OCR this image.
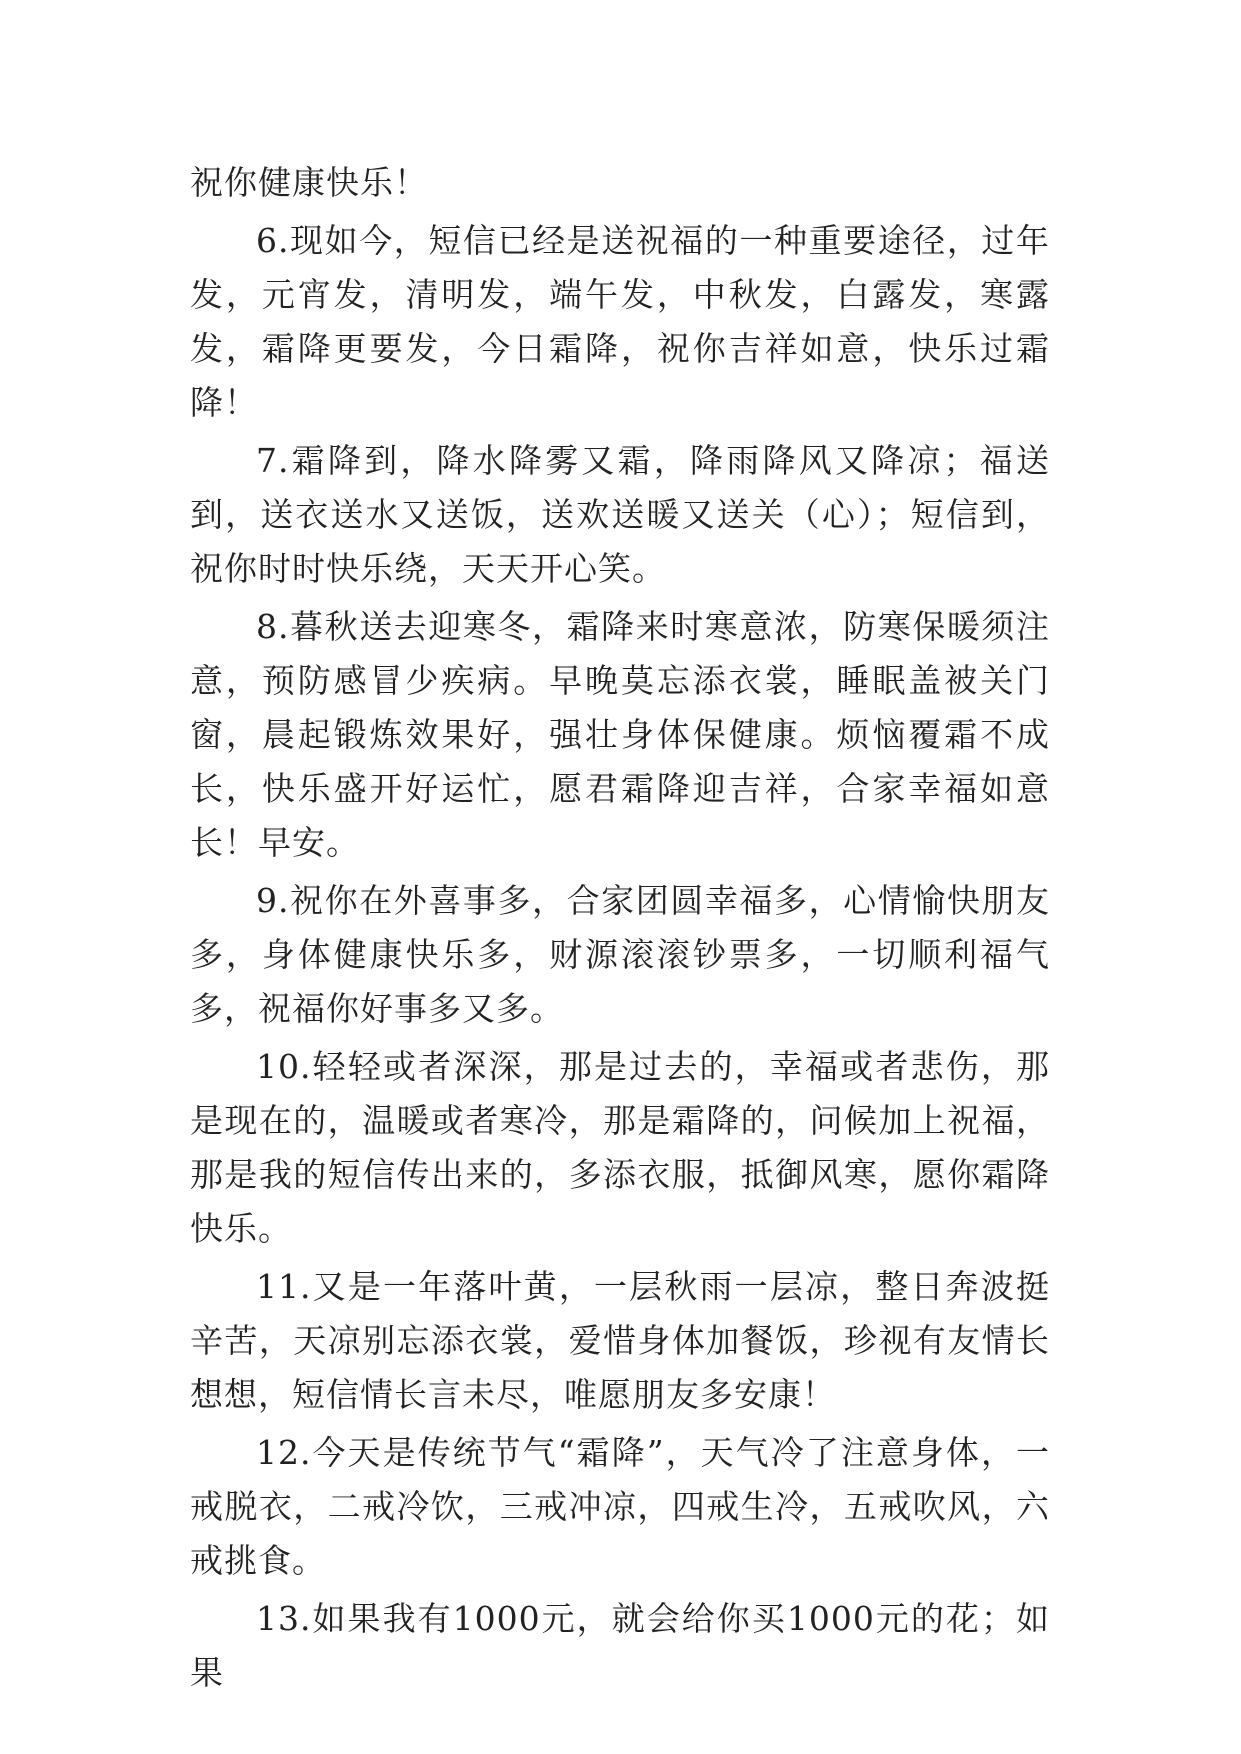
祝你健康快乐！

6.现如今，短信已经是送祝福的一种重要途径，过年发，元宵发，清明发，端午发，中秋发，白露发，寒露发，霜降更要发，今日霜降，祝你吉祥如意，快乐过霜降！

7.霜降到，降水降雾又霜，降雨降风又降凉；福送到，送衣送水又送饭，送欢送暖又送关（心）；短信到，祝你时时快乐绕，天天开心笑。

8.暮秋送去迎寒冬，霜降来时寒意浓，防寒保暖须注意，预防感冒少疾病。早晚莫忘添衣裳，睡眠盖被关门窗，晨起锻炼效果好，强壮身体保健康。烦恼覆霜不成长，快乐盛开好运忙，愿君霜降迎吉祥，合家幸福如意长！早安。

9.祝你在外喜事多，合家团圆幸福多，心情愉快朋友多，身体健康快乐多，财源滚滚钞票多，一切顺利福气多，祝福你好事多又多。

10.轻轻或者深深，那是过去的，幸福或者悲伤，那是现在的，温暖或者寒冷，那是霜降的，问候加上祝福，那是我的短信传出来的，多添衣服，抵御风寒，愿你霜降快乐。

11.又是一年落叶黄，一层秋雨一层凉，整日奔波挺辛苦，天凉别忘添衣裳，爱惜身体加餐饭，珍视有友情长想想，短信情长言未尽，唯愿朋友多安康！

12.今天是传统节气“霜降”，天气冷了注意身体，一戒脱衣，二戒冷饮，三戒冲凉，四戒生冷，五戒吹风，六戒挑食。

13.如果我有1000元，就会给你买1000元的花；如果
